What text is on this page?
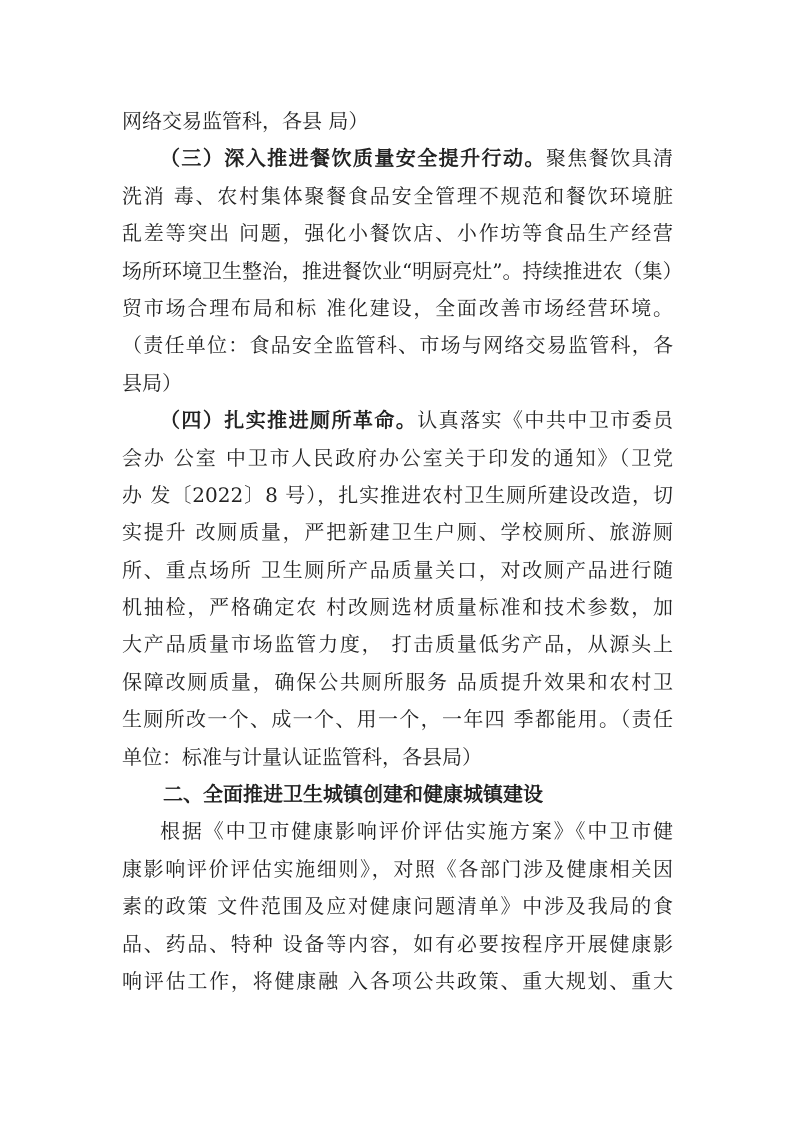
网络交易监管科，各县 局）
（三）深入推进餐饮质量安全提升行动。聚焦餐饮具清
洗消 毒、农村集体聚餐食品安全管理不规范和餐饮环境脏
乱差等突出 问题，强化小餐饮店、小作坊等食品生产经营
场所环境卫生整治，推进餐饮业“明厨亮灶”。持续推进农（集）
贸市场合理布局和标 准化建设，全面改善市场经营环境。
（责任单位：食品安全监管科、市场与网络交易监管科，各
县局）
（四）扎实推进厕所革命。认真落实《中共中卫市委员
会办 公室 中卫市人民政府办公室关于印发的通知》（卫党
办 发〔2022〕8 号），扎实推进农村卫生厕所建设改造，切
实提升 改厕质量，严把新建卫生户厕、学校厕所、旅游厕
所、重点场所 卫生厕所产品质量关口，对改厕产品进行随
机抽检，严格确定农 村改厕选材质量标准和技术参数，加
大产品质量市场监管力度， 打击质量低劣产品，从源头上
保障改厕质量，确保公共厕所服务 品质提升效果和农村卫
生厕所改一个、成一个、用一个，一年四 季都能用。（责任
单位：标准与计量认证监管科，各县局）
二、全面推进卫生城镇创建和健康城镇建设
根据《中卫市健康影响评价评估实施方案》《中卫市健
康影响评价评估实施细则》，对照《各部门涉及健康相关因
素的政策 文件范围及应对健康问题清单》中涉及我局的食
品、药品、特种 设备等内容，如有必要按程序开展健康影
响评估工作，将健康融 入各项公共政策、重大规划、重大
